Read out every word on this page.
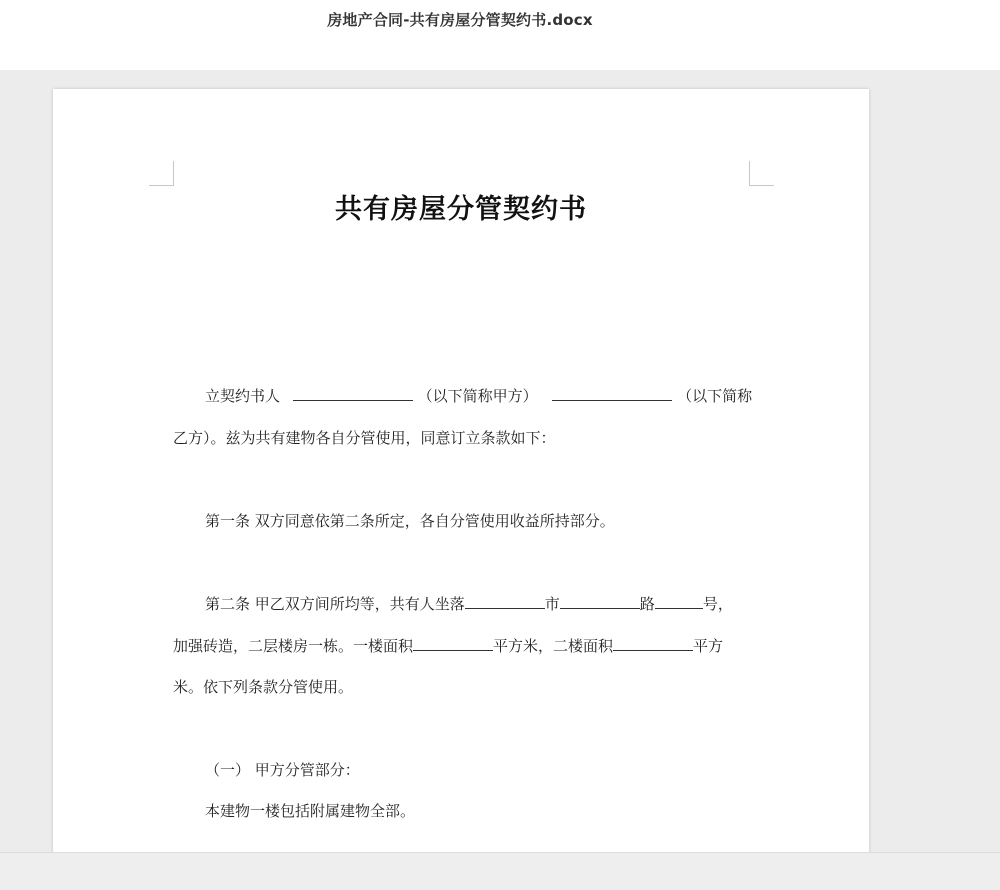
房地产合同-共有房屋分管契约书.docx
共有房屋分管契约书
立契约书人	（以下简称甲方）	（以下简称
乙方）。兹为共有建物各自分管使用，同意订立条款如下：
第一条 双方同意依第二条所定，各自分管使用收益所持部分。
第二条 甲乙双方间所均等，共有人坐落	市	路	号，
加强砖造，二层楼房一栋。一楼面积	平方米，二楼面积	平方
米。依下列条款分管使用。
（一） 甲方分管部分：
本建物一楼包括附属建物全部。
